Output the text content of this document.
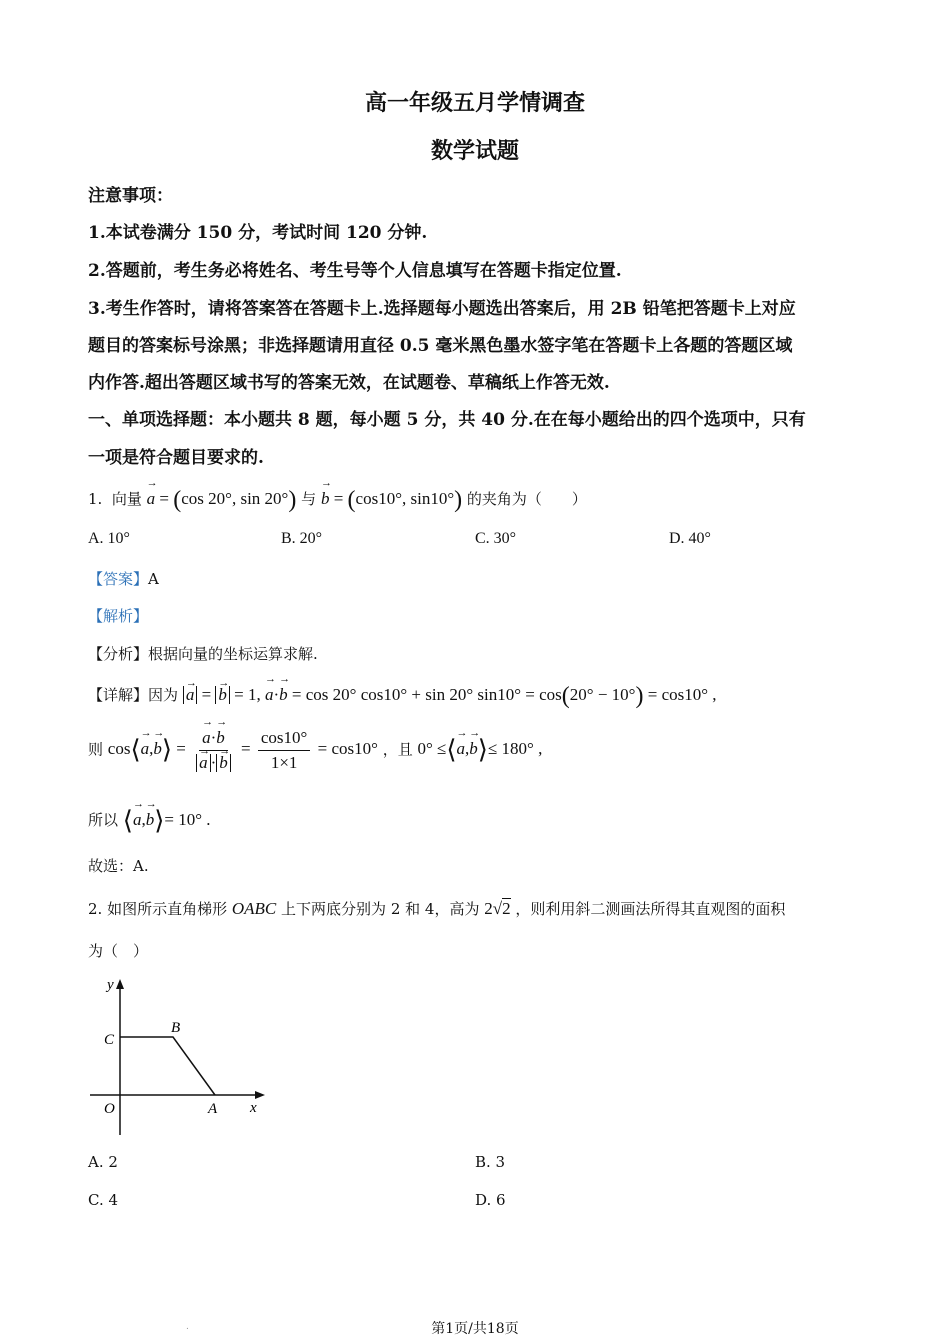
高一年级五月学情调查
数学试题
注意事项：
1.本试卷满分 150 分，考试时间 120 分钟.
2.答题前，考生务必将姓名、考生号等个人信息填写在答题卡指定位置.
3.考生作答时，请将答案答在答题卡上.选择题每小题选出答案后，用 2B 铅笔把答题卡上对应
题目的答案标号涂黑；非选择题请用直径 0.5 毫米黑色墨水签字笔在答题卡上各题的答题区域
内作答.超出答题区域书写的答案无效，在试题卷、草稿纸上作答无效.
一、单项选择题：本小题共 8 题，每小题 5 分，共 40 分.在在每小题给出的四个选项中，只有
一项是符合题目要求的.
1. 向量 → a = (cos 20°, sin 20°) 与 → b = (cos10°, sin10°) 的夹角为（　　）
A. 10°	B. 20°	C. 30°	D. 40°
【答案】A
【解析】
【分析】根据向量的坐标运算求解.
【详解】因为 → a = → b = 1, → a·→ b = cos 20° cos10° + sin 20° sin10° = cos(20° − 10°) = cos10° ,
则 cos⟨→ a,→ b⟩ = → a·→ b
→ a · → $b = \frac{\cos 10^\circ}{1\times 1} = \cos 10^\circ$ ，且 0° ≤⟨→ a,→ b⟩≤ 180° ,
所以 ⟨→ a,→ b⟩= 10° .
故选：A.
2. 如图所示直角梯形 OABC 上下两底分别为 2 和 4，高为 2√2 ，则利用斜二测画法所得其直观图的面积
为（　）
y
x
C
B
O	A
A. 2	B. 3
C. 4	D. 6
.	第1页/共18页
